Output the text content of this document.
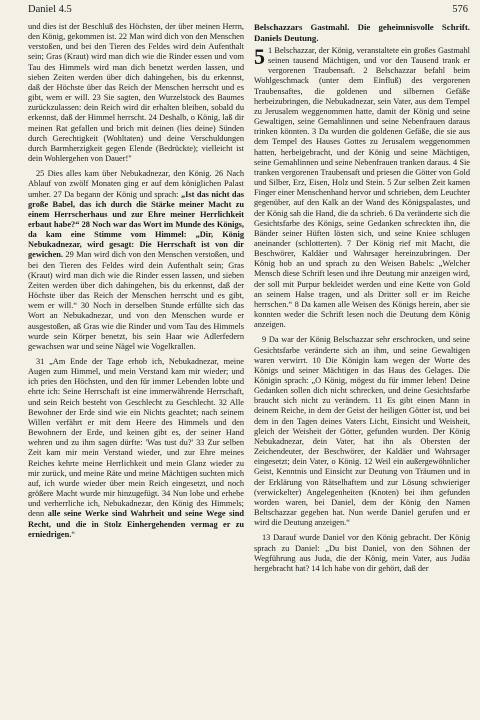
Daniel 4.5	576

und dies ist der Beschluß des Höchsten, der über meinen Herrn, den König, gekommen ist. 22 Man wird dich von den Menschen verstoßen, und bei den Tieren des Feldes wird dein Aufenthalt sein; Gras (Kraut) wird man dich wie die Rinder essen und vom Tau des Himmels wird man dich benetzt werden lassen, und sieben Zeiten werden über dich dahingehen, bis du erkennst, daß der Höchste über das Reich der Menschen herrscht und es gibt, wem er will. 23 Sie sagten, den Wurzelstock des Baumes zurückzulassen: dein Reich wird dir erhalten bleiben, sobald du erkennst, daß der Himmel herrscht. 24 Deshalb, o König, laß dir meinen Rat gefallen und brich mit deinen (lies deine) Sünden durch Gerechtigkeit (Wohltaten) und deine Verschuldungen durch Barmherzigkeit gegen Elende (Bedrückte); vielleicht ist dein Wohlergehen von Dauer!"

25 Dies alles kam über Nebukadnezar, den König. 26 Nach Ablauf von zwölf Monaten ging er auf dem königlichen Palast umher. 27 Da begann der König und sprach: „Ist das nicht das große Babel, das ich durch die Stärke meiner Macht zu einem Herrscherhaus und zur Ehre meiner Herrlichkeit erbaut habe?“ 28 Noch war das Wort im Munde des Königs, da kam eine Stimme vom Himmel: „Dir, König Nebukadnezar, wird gesagt: Die Herrschaft ist von dir gewichen. 29 Man wird dich von den Menschen verstoßen, und bei den Tieren des Feldes wird dein Aufenthalt sein; Gras (Kraut) wird man dich wie die Rinder essen lassen, und sieben Zeiten werden über dich dahingehen, bis du erkennst, daß der Höchste über das Reich der Menschen herrscht und es gibt, wem er will.“ 30 Noch in derselben Stunde erfüllte sich das Wort an Nebukadnezar, und von den Menschen wurde er ausgestoßen, aß Gras wie die Rinder und vom Tau des Himmels wurde sein Körper benetzt, bis sein Haar wie Adlerfedern gewachsen war und seine Nägel wie Vogelkrallen.

31 „Am Ende der Tage erhob ich, Nebukadnezar, meine Augen zum Himmel, und mein Verstand kam mir wieder; und ich pries den Höchsten, und den für immer Lebenden lobte und ehrte ich: Seine Herrschaft ist eine immerwährende Herrschaft, und sein Reich besteht von Geschlecht zu Geschlecht. 32 Alle Bewohner der Erde sind wie ein Nichts geachtet; nach seinem Willen verfährt er mit dem Heere des Himmels und den Bewohnern der Erde, und keinen gibt es, der seiner Hand wehren und zu ihm sagen dürfte: 'Was tust du?' 33 Zur selben Zeit kam mir mein Verstand wieder, und zur Ehre meines Reiches kehrte meine Herrlichkeit und mein Glanz wieder zu mir zurück, und meine Räte und meine Mächtigen suchten mich auf, ich wurde wieder über mein Reich eingesetzt, und noch größere Macht wurde mir hinzugefügt. 34 Nun lobe und erhebe und verherrliche ich, Nebukadnezar, den König des Himmels; denn alle seine Werke sind Wahrheit und seine Wege sind Recht, und die in Stolz Einhergehenden vermag er zu erniedrigen.“

Belschazzars Gastmahl. Die geheimnisvolle Schrift. Daniels Deutung.

5 1 Belschazzar, der König, veranstaltete ein großes Gastmahl seinen tausend Mächtigen, und vor den Tausend trank er vergorenen Traubensaft. 2 Belschazzar befahl beim Wohlgeschmack (unter dem Einfluß) des vergorenen Traubensaftes, die goldenen und silbernen Gefäße herbeizubringen, die Nebukadnezar, sein Vater, aus dem Tempel zu Jerusalem weggenommen hatte, damit der König und seine Gewaltigen, seine Gemahlinnen und seine Nebenfrauen daraus trinken könnten. 3 Da wurden die goldenen Gefäße, die sie aus dem Tempel des Hauses Gottes zu Jerusalem weggenommen hatten, herbeigebracht, und der König und seine Mächtigen, seine Gemahlinnen und seine Nebenfrauen tranken daraus. 4 Sie tranken vergorenen Traubensaft und priesen die Götter von Gold und Silber, Erz, Eisen, Holz und Stein. 5 Zur selben Zeit kamen Finger einer Menschenhand hervor und schrieben, dem Leuchter gegenüber, auf den Kalk an der Wand des Königspalastes, und der König sah die Hand, die da schrieb. 6 Da veränderte sich die Gesichtsfarbe des Königs, seine Gedanken schreckten ihn, die Bänder seiner Hüften lösten sich, und seine Kniee schlugen aneinander (schlotterten). 7 Der König rief mit Macht, die Beschwörer, Kaldäer und Wahrsager hereinzubringen. Der König hob an und sprach zu den Weisen Babels: „Welcher Mensch diese Schrift lesen und ihre Deutung mir anzeigen wird, der soll mit Purpur bekleidet werden und eine Kette von Gold an seinem Halse tragen, und als Dritter soll er im Reiche herrschen.“ 8 Da kamen alle Weisen des Königs herein, aber sie konnten weder die Schrift lesen noch die Deutung dem König anzeigen.

9 Da war der König Belschazzar sehr erschrocken, und seine Gesichtsfarbe veränderte sich an ihm, und seine Gewaltigen waren verwirrt. 10 Die Königin kam wegen der Worte des Königs und seiner Mächtigen in das Haus des Gelages. Die Königin sprach: „O König, mögest du für immer leben! Deine Gedanken sollen dich nicht schrecken, und deine Gesichtsfarbe braucht sich nicht zu verändern. 11 Es gibt einen Mann in deinem Reiche, in dem der Geist der heiligen Götter ist, und bei dem in den Tagen deines Vaters Licht, Einsicht und Weisheit, gleich der Weisheit der Götter, gefunden wurden. Der König Nebukadnezar, dein Vater, hat ihn als Obersten der Zeichendeuter, der Beschwörer, der Kaldäer und Wahrsager eingesetzt; dein Vater, o König. 12 Weil ein außergewöhnlicher Geist, Kenntnis und Einsicht zur Deutung von Träumen und in der Erklärung von Rätselhaftem und zur Lösung schwieriger (verwickelter) Angelegenheiten (Knoten) bei ihm gefunden worden waren, bei Daniel, dem der König den Namen Beltschazzar gegeben hat. Nun werde Daniel gerufen und er wird die Deutung anzeigen.“

13 Darauf wurde Daniel vor den König gebracht. Der König sprach zu Daniel: „Du bist Daniel, von den Söhnen der Wegführung aus Juda, die der König, mein Vater, aus Judäa hergebracht hat? 14 Ich habe von dir gehört, daß der
